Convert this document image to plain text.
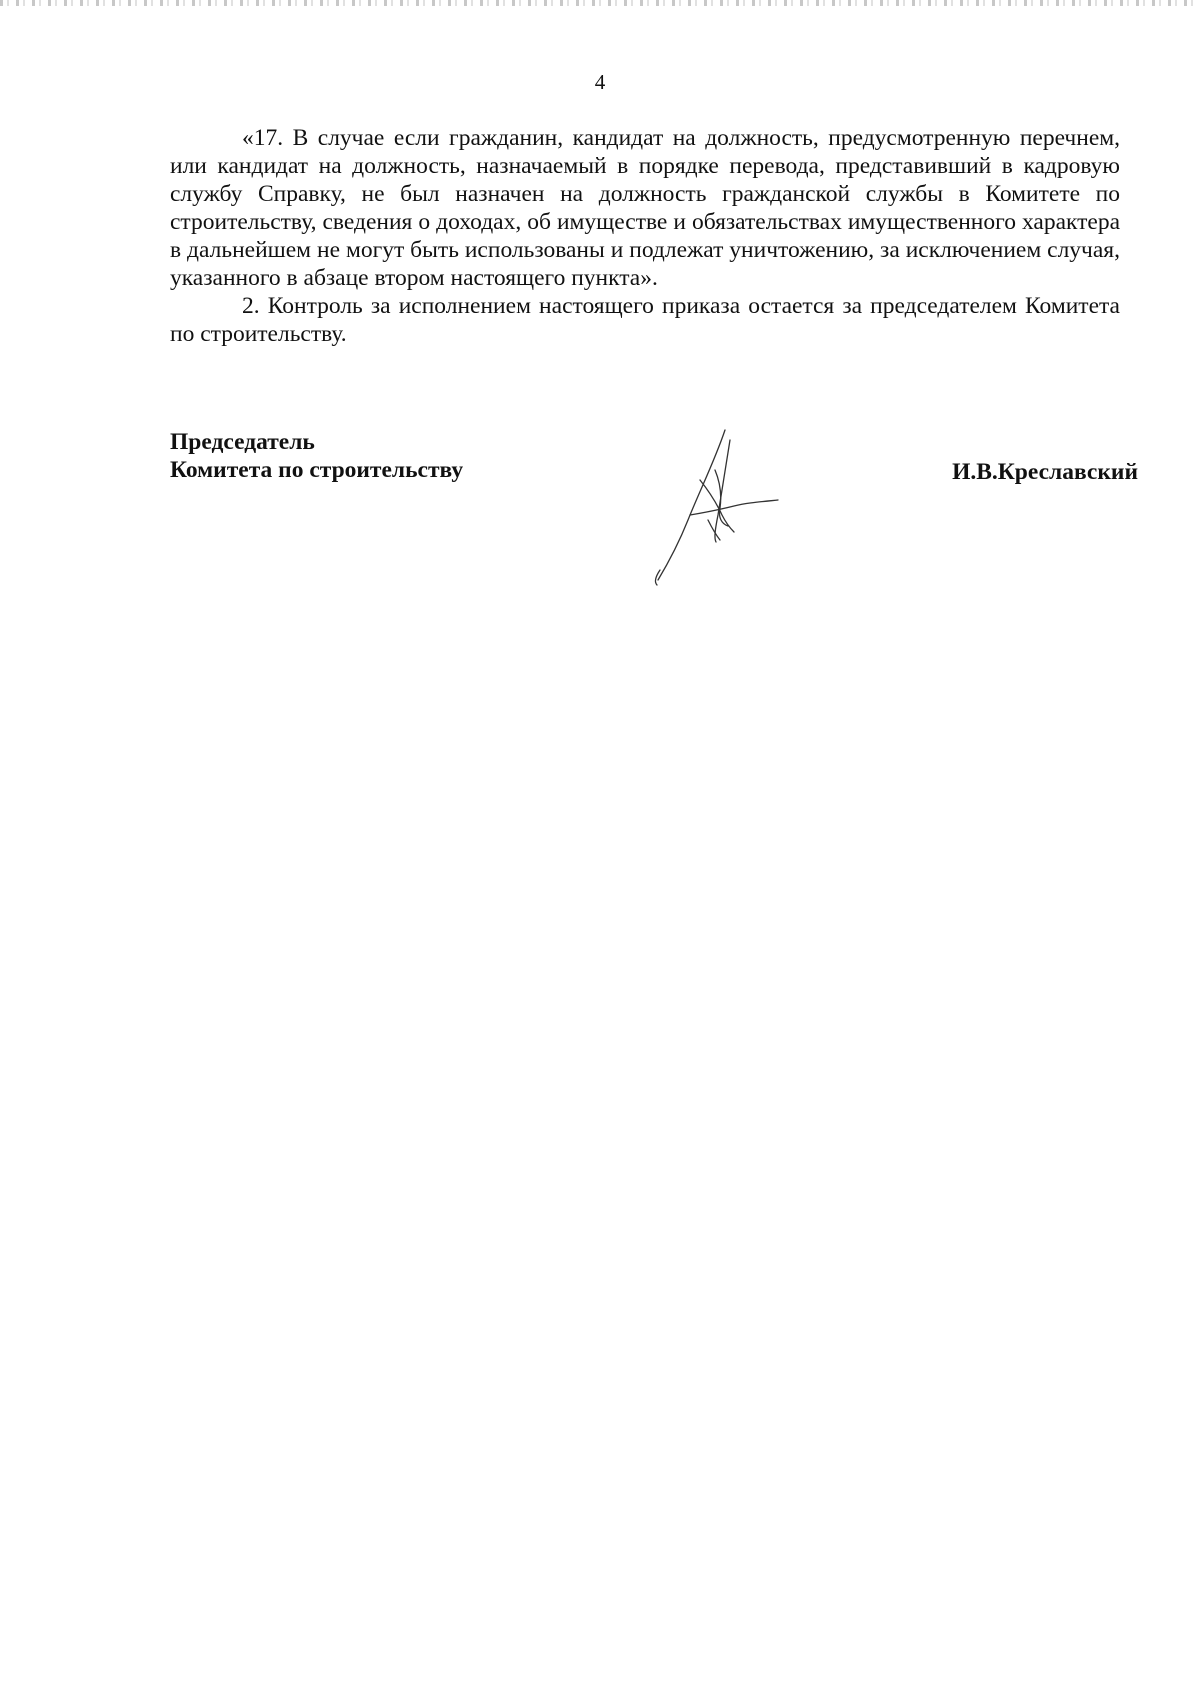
4

«17. В случае если гражданин, кандидат на должность, предусмотренную перечнем, или кандидат на должность, назначаемый в порядке перевода, представивший в кадровую службу Справку, не был назначен на должность гражданской службы в Комитете по строительству, сведения о доходах, об имуществе и обязательствах имущественного характера в дальнейшем не могут быть использованы и подлежат уничтожению, за исключением случая, указанного в абзаце втором настоящего пункта».

2. Контроль за исполнением настоящего приказа остается за председателем Комитета по строительству.

Председатель
Комитета по строительству	И.В.Креславский
